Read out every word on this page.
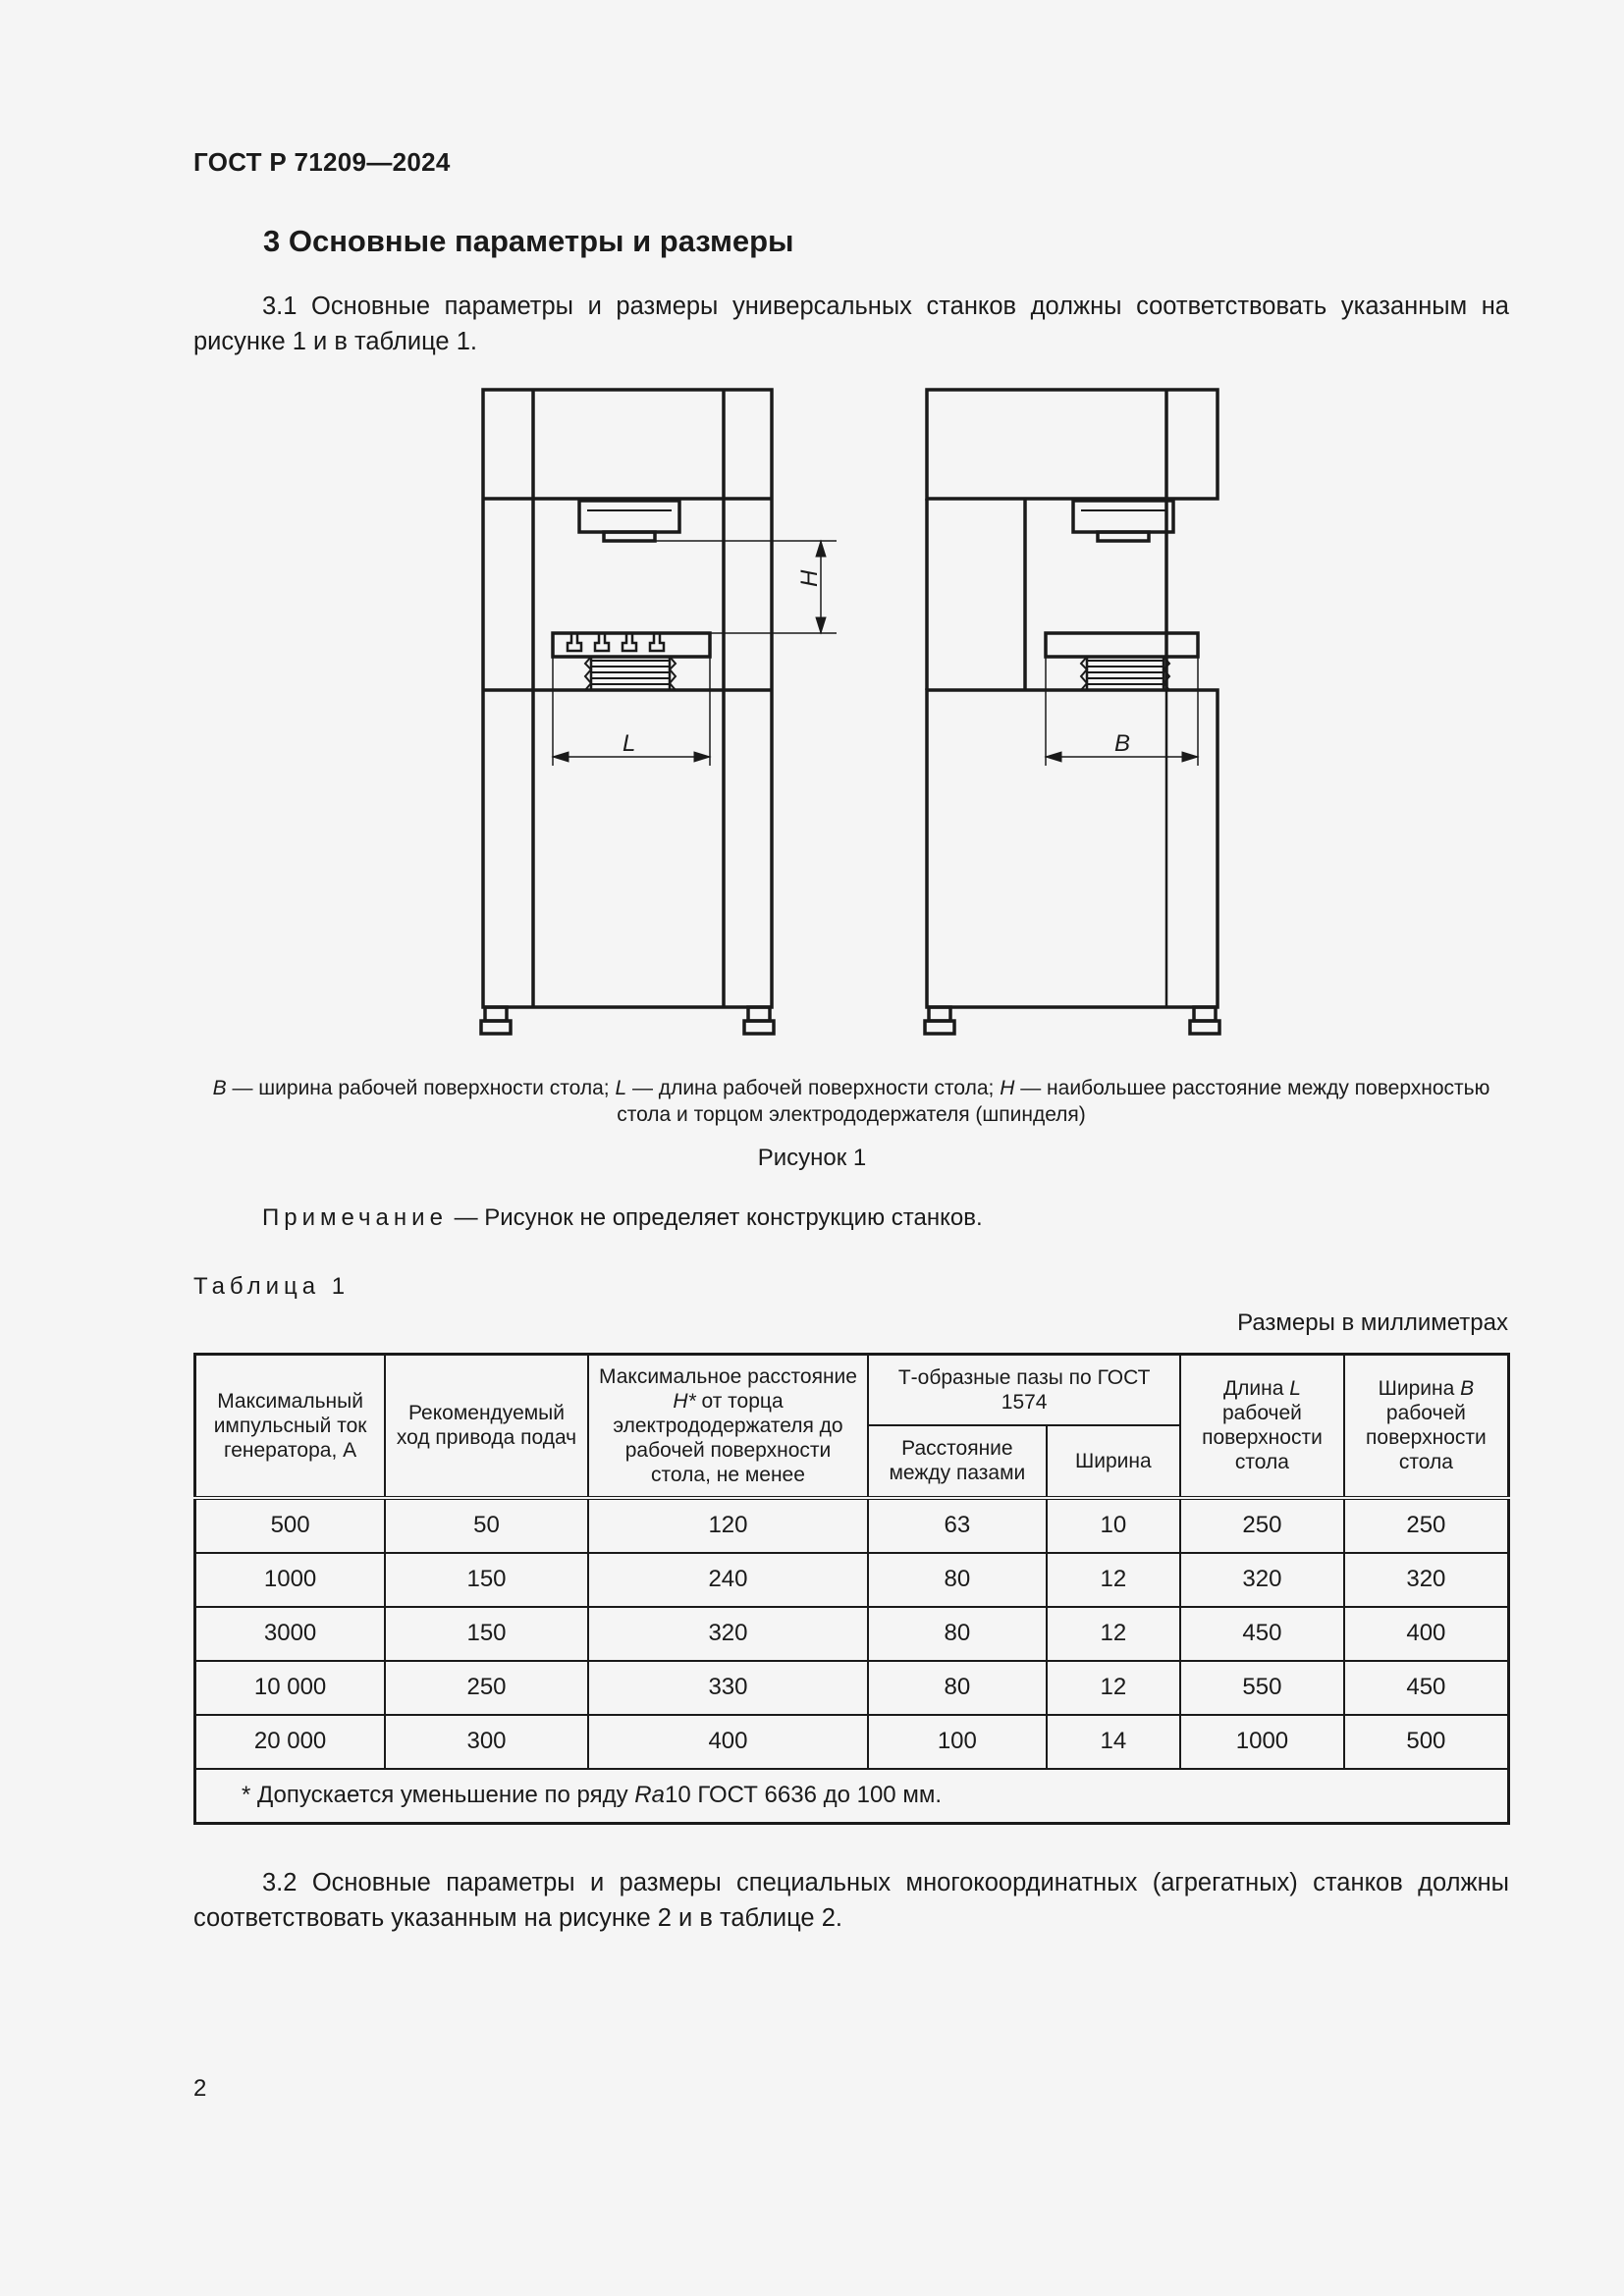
ГОСТ Р 71209—2024
3 Основные параметры и размеры
3.1 Основные параметры и размеры универсальных станков должны соответствовать указанным на рисунке 1 и в таблице 1.
H
L	B
B — ширина рабочей поверхности стола; L — длина рабочей поверхности стола; H — наибольшее расстояние между поверхностью стола и торцом электрододержателя (шпинделя)
Рисунок 1
Примечание — Рисунок не определяет конструкцию станков.
Таблица 1
Размеры в миллиметрах
Максимальный импульсный ток генератора, А	Рекомендуемый ход привода подач	Максимальное расстояние H* от торца электрододержателя до рабочей поверхности стола, не менее	Т-образные пазы по ГОСТ 1574		Длина L рабочей поверхности стола	Ширина B рабочей поверхности стола
			Расстояние между пазами	Ширина		
500	50	120	63	10	250	250
1000	150	240	80	12	320	320
3000	150	320	80	12	450	400
10 000	250	330	80	12	550	450
20 000	300	400	100	14	1000	500
* Допускается уменьшение по ряду Ra10 ГОСТ 6636 до 100 мм.						
3.2 Основные параметры и размеры специальных многокоординатных (агрегатных) станков должны соответствовать указанным на рисунке 2 и в таблице 2.
2
